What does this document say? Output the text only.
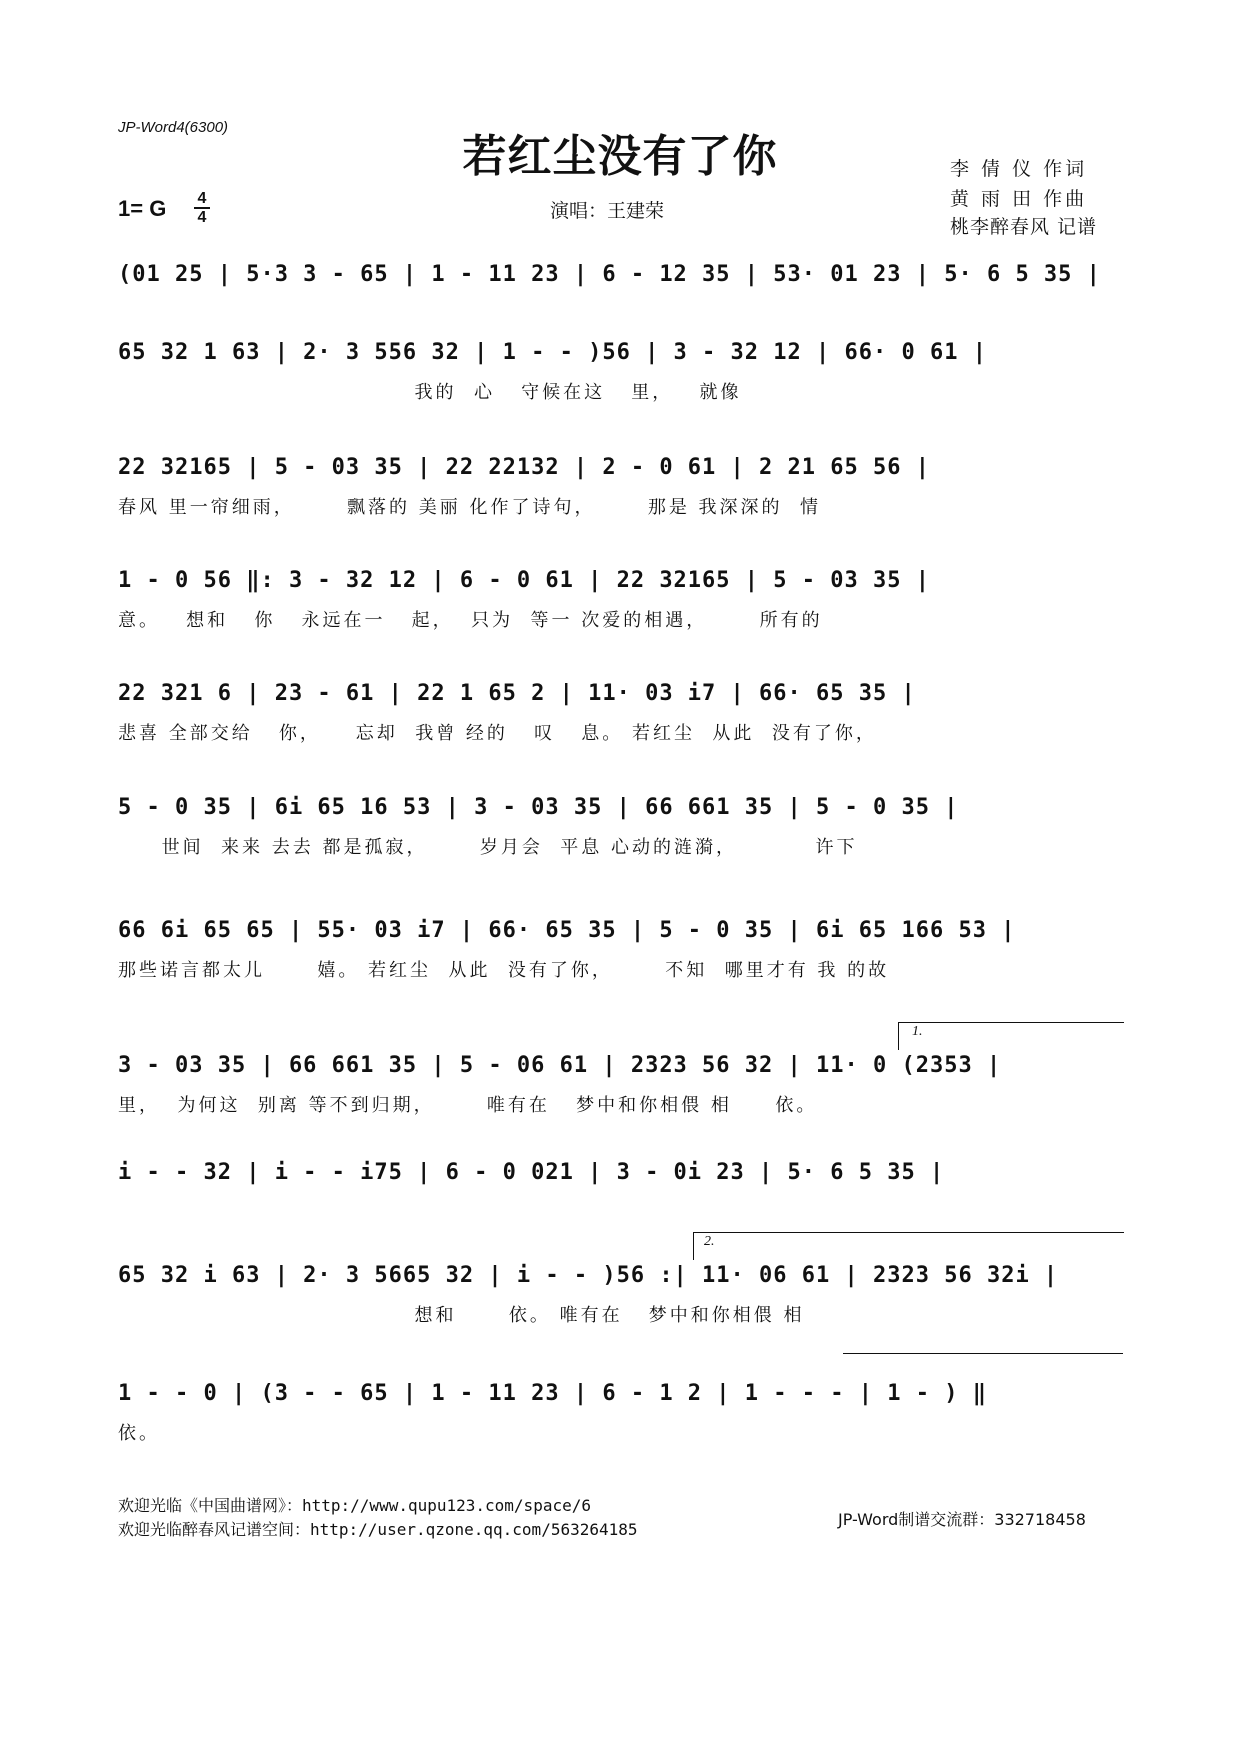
JP-Word4(6300)
若红尘没有了你
1= G 4
4	演唱：王建荣
李 倩 仪 作词
黄 雨 田 作曲
桃李醉春风 记谱
(01 25 | 5·3 3 - 65 | 1 - 11 23 | 6 - 12 35 | 53· 01 23 | 5· 6 5 35 |
65 32 1 63 | 2· 3 556 32 | 1 - - )56 | 3 - 32 12 | 66· 0 61 |
我的  心   守候在这   里，   就像
22 32165 | 5 - 03 35 | 22 22132 | 2 - 0 61 | 2 21 65 56 |
春风 里一帘细雨，      飘落的 美丽 化作了诗句，      那是 我深深的  情
1 - 0 56 ‖: 3 - 32 12 | 6 - 0 61 | 22 32165 | 5 - 03 35 |
意。   想和   你   永远在一   起，  只为  等一 次爱的相遇，      所有的
22 321 6 | 23 - 61 | 22 1 65 2 | 11· 03 i7 | 66· 65 35 |
悲喜 全部交给   你，    忘却  我曾 经的   叹   息。 若红尘  从此  没有了你，
5 - 0 35 | 6i 65 16 53 | 3 - 03 35 | 66 661 35 | 5 - 0 35 |
世间  来来 去去 都是孤寂，      岁月会  平息 心动的涟漪，         许下
66 6i 65 65 | 55· 03 i7 | 66· 65 35 | 5 - 0 35 | 6i 65 166 53 |
那些诺言都太儿      嬉。 若红尘  从此  没有了你，      不知  哪里才有 我 的故
1.
3 - 03 35 | 66 661 35 | 5 - 06 61 | 2323 56 32 | 11· 0 (2353 |
里，  为何这  别离 等不到归期，      唯有在   梦中和你相偎 相     依。
i - - 32 | i - - i75 | 6 - 0 021 | 3 - 0i 23 | 5· 6 5 35 |
2.
65 32 i 63 | 2· 3 5665 32 | i - - )56 :| 11· 06 61 | 2323 56 32i |
想和      依。 唯有在   梦中和你相偎 相
1 - - 0 | (3 - - 65 | 1 - 11 23 | 6 - 1 2 | 1 - - - | 1 - ) ‖
依。
欢迎光临《中国曲谱网》：http://www.qupu123.com/space/6
欢迎光临醉春风记谱空间：http://user.qzone.qq.com/563264185
JP-Word制谱交流群：332718458
